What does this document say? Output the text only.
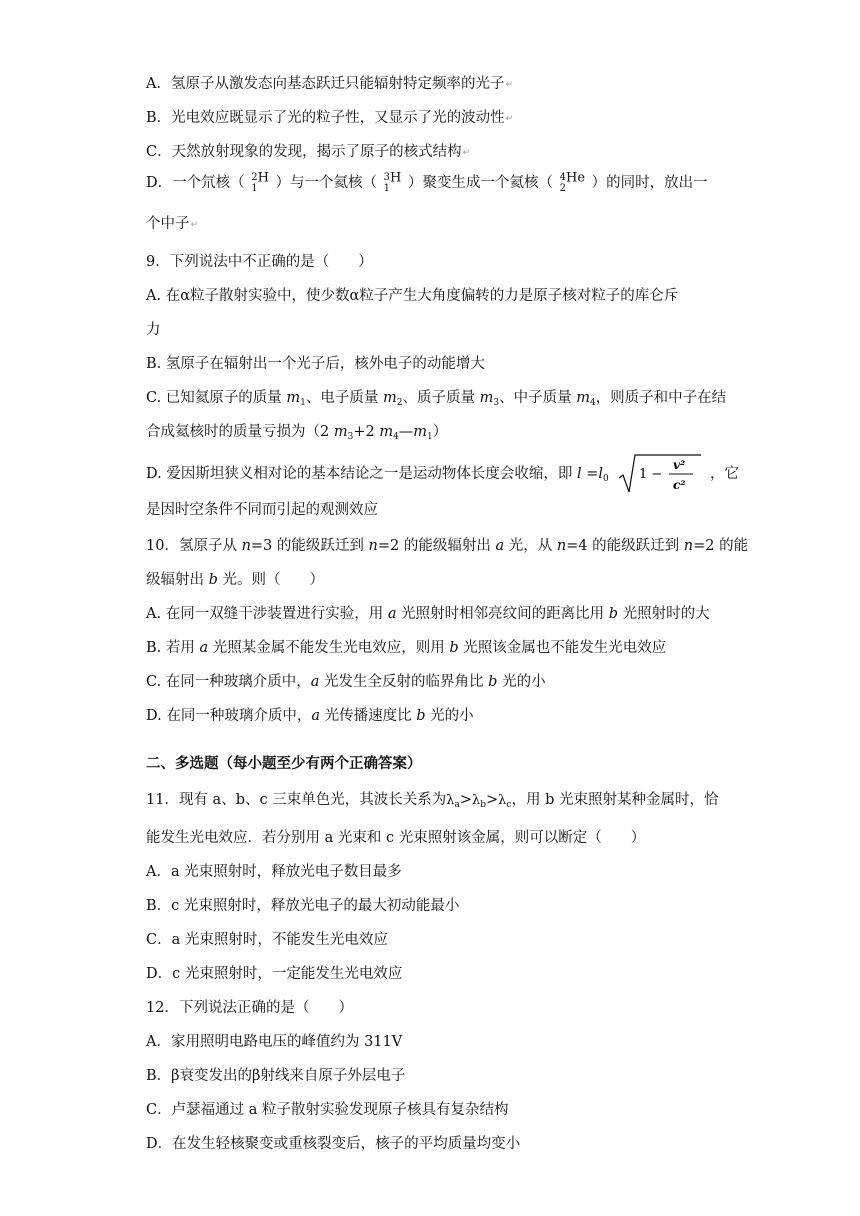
A．氢原子从激发态向基态跃迁只能辐射特定频率的光子↵
B．光电效应既显示了光的粒子性，又显示了光的波动性↵
C．天然放射现象的发现，揭示了原子的核式结构↵
D．一个氘核（ 2
1
H ）与一个氦核（ 3
1
H ）聚变生成一个氦核（ 4
2
He ）的同时，放出一
个中子↵
9．下列说法中不正确的是（　　）
A. 在α粒子散射实验中，使少数α粒子产生大角度偏转的力是原子核对粒子的库仑斥
力
B. 氢原子在辐射出一个光子后，核外电子的动能增大
C. 已知氦原子的质量 $m_1$、电子质量 $m_2$、质子质量 $m_3$、中子质量 $m_4$，则质子和中子在结
合成氦核时的质量亏损为（2 $m_3+2$ $m_4—m_1$）
D. 爱因斯坦狭义相对论的基本结论之一是运动物体长度会收缩，即 $l =l_0$ 1 −
v²
c²
，它
是因时空条件不同而引起的观测效应
10．氢原子从 n=3 的能级跃迁到 n=2 的能级辐射出 a 光，从 n=4 的能级跃迁到 n=2 的能
级辐射出 b 光。则（　　）
A. 在同一双缝干涉装置进行实验，用 a 光照射时相邻亮纹间的距离比用 b 光照射时的大
B. 若用 a 光照某金属不能发生光电效应，则用 b 光照该金属也不能发生光电效应
C. 在同一种玻璃介质中，a 光发生全反射的临界角比 b 光的小
D. 在同一种玻璃介质中，a 光传播速度比 b 光的小
二、多选题（每小题至少有两个正确答案）
11．现有 a、b、c 三束单色光，其波长关系为$\lambda_a>\lambda_b>\lambda_c$，用 b 光束照射某种金属时，恰
能发生光电效应．若分别用 a 光束和 c 光束照射该金属，则可以断定（　　）
A．a 光束照射时，释放光电子数目最多
B．c 光束照射时，释放光电子的最大初动能最小
C．a 光束照射时，不能发生光电效应
D．c 光束照射时，一定能发生光电效应
12．下列说法正确的是（　　）
A．家用照明电路电压的峰值约为 311V
B．β衰变发出的β射线来自原子外层电子
C．卢瑟福通过 a 粒子散射实验发现原子核具有复杂结构
D．在发生轻核聚变或重核裂变后，核子的平均质量均变小
